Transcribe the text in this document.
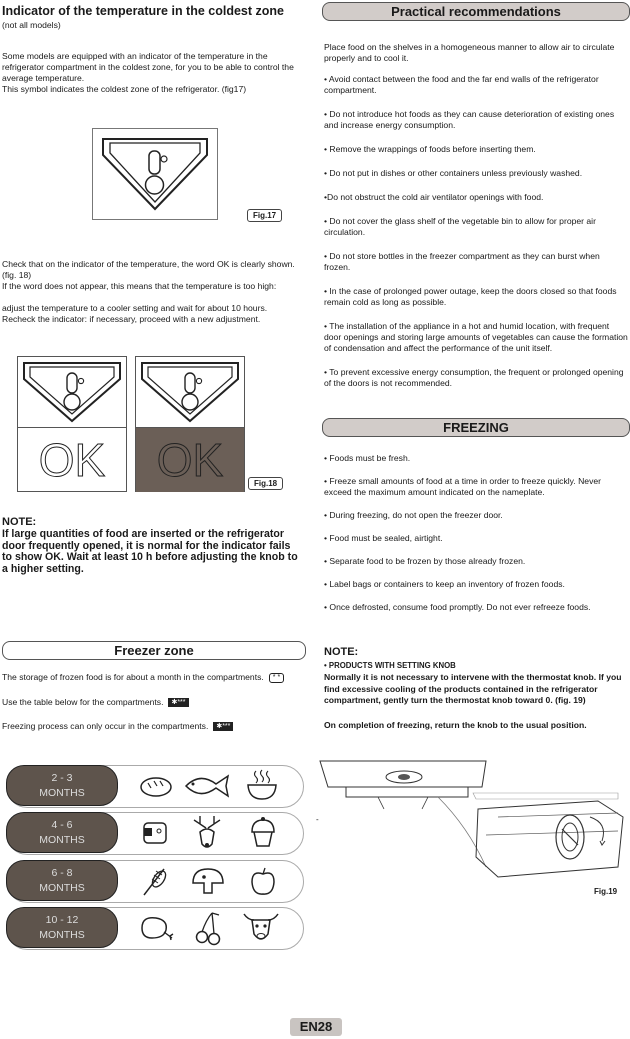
Indicator of the temperature in the coldest zone
(not all models)

Some models are equipped with an indicator of the temperature in the refrigerator compartment in the coldest zone, for you to be able to control the average temperature.

This symbol indicates the coldest zone of the refrigerator. (fig17)

Fig.17

Check that on the indicator of the temperature, the word OK is clearly shown. (fig. 18)

If the word does not appear, this means that the temperature is too high:

adjust the temperature to a cooler setting and wait for about 10 hours.

Recheck the indicator: if necessary, proceed with a new adjustment.

OK	OK	Fig.18
NOTE:

If large quantities of food are inserted or the refrigerator door frequently opened, it is normal for the indicator fails to show OK. Wait at least 10 h before adjusting the knob to a higher setting.

Freezer zone
The storage of frozen food is for about a month in the compartments. * *
Use the table below for the compartments. ✱***
Freezing process can only occur in the compartments. ✱***
2 - 3
MONTHS
4 - 6
MONTHS
6 - 8
MONTHS
10 - 12
MONTHS
Practical recommendations

Place food on the shelves in a homogeneous manner to allow air to circulate properly and to cool it.

• Avoid contact between the food and the far end walls of the refrigerator compartment.

• Do not introduce hot foods as they can cause deterioration of existing ones and increase energy consumption.

• Remove the wrappings of foods before inserting them.

• Do not put in dishes or other containers unless previously washed.

•Do not obstruct the cold air ventilator openings with food.

• Do not cover the glass shelf of the vegetable bin to allow for proper air circulation.

• Do not store bottles in the freezer compartment as they can burst when frozen.

• In the case of prolonged power outage, keep the doors closed so that foods remain cold as long as possible.

• The installation of the appliance in a hot and humid location, with frequent door openings and storing large amounts of vegetables can cause the formation of condensation and affect the performance of the unit itself.

• To prevent excessive energy consumption, the frequent or prolonged opening of the doors is not recommended.

FREEZING

• Foods must be fresh.

• Freeze small amounts of food at a time in order to freeze quickly. Never exceed the maximum amount indicated on the nameplate.

• During freezing, do not open the freezer door.

• Food must be sealed, airtight.

• Separate food to be frozen by those already frozen.

• Label bags or containers to keep an inventory of frozen foods.

• Once defrosted, consume food promptly. Do not ever refreeze foods.

NOTE:
• PRODUCTS WITH SETTING KNOB

Normally it is not necessary to intervene with the thermostat knob. If you find excessive cooling of the products contained in the refrigerator compartment, gently turn the thermostat knob toward 0. (fig. 19)

On completion of freezing, return the knob to the usual position.

-
Fig.19
EN28
